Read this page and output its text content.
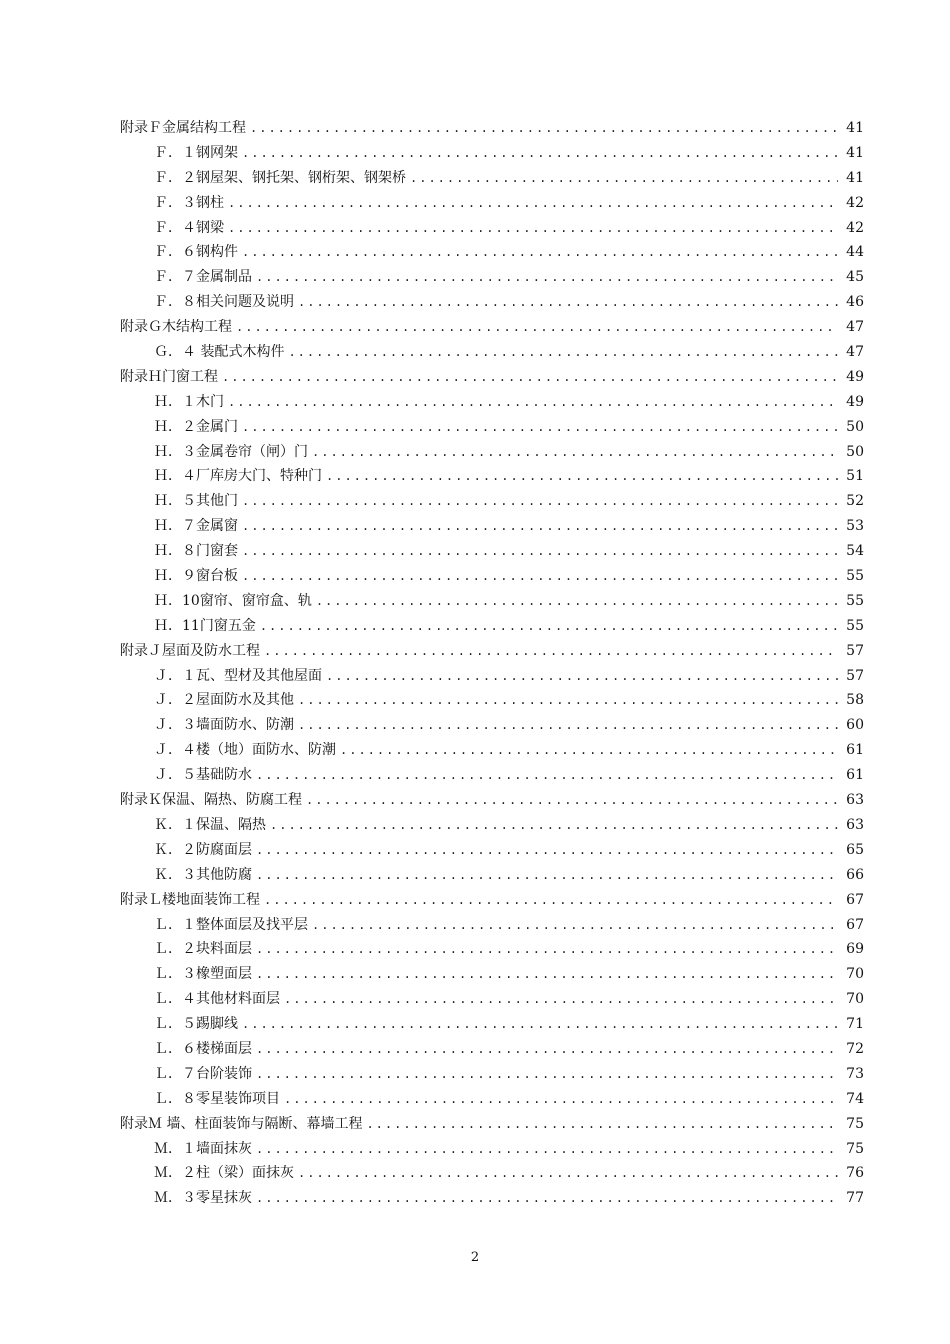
附录Ｆ金属结构工程 .....	41
Ｆ．１钢网架 .....	41
Ｆ．２钢屋架、钢托架、钢桁架、钢架桥 .....	41
Ｆ．３钢柱 .....	42
Ｆ．４钢梁 .....	42
Ｆ．６钢构件 .....	44
Ｆ．７金属制品 .....	45
Ｆ．８相关问题及说明 .....	46
附录Ｇ木结构工程 .....	47
Ｇ．４ 装配式木构件 .....	47
附录Ｈ门窗工程 .....	49
Ｈ．１木门 .....	49
Ｈ．２金属门 .....	50
Ｈ．３金属卷帘（闸）门 .....	50
Ｈ．４厂库房大门、特种门 .....	51
Ｈ．５其他门 .....	52
Ｈ．７金属窗 .....	53
Ｈ．８门窗套 .....	54
Ｈ．９窗台板 .....	55
Ｈ．10窗帘、窗帘盒、轨 .....	55
Ｈ．11门窗五金 .....	55
附录Ｊ屋面及防水工程 .....	57
Ｊ．１瓦、型材及其他屋面 .....	57
Ｊ．２屋面防水及其他 .....	58
Ｊ．３墙面防水、防潮 .....	60
Ｊ．４楼（地）面防水、防潮 .....	61
Ｊ．５基础防水 .....	61
附录Ｋ保温、隔热、防腐工程 .....	63
Ｋ．１保温、隔热 .....	63
Ｋ．２防腐面层 .....	65
Ｋ．３其他防腐 .....	66
附录Ｌ楼地面装饰工程 .....	67
Ｌ．１整体面层及找平层 .....	67
Ｌ．２块料面层 .....	69
Ｌ．３橡塑面层 .....	70
Ｌ．４其他材料面层 .....	70
Ｌ．５踢脚线 .....	71
Ｌ．６楼梯面层 .....	72
Ｌ．７台阶装饰 .....	73
Ｌ．８零星装饰项目 .....	74
附录Ｍ 墙、柱面装饰与隔断、幕墙工程 .....	75
Ｍ．１墙面抹灰 .....	75
Ｍ．２柱（梁）面抹灰 .....	76
Ｍ．３零星抹灰 .....	77
2
